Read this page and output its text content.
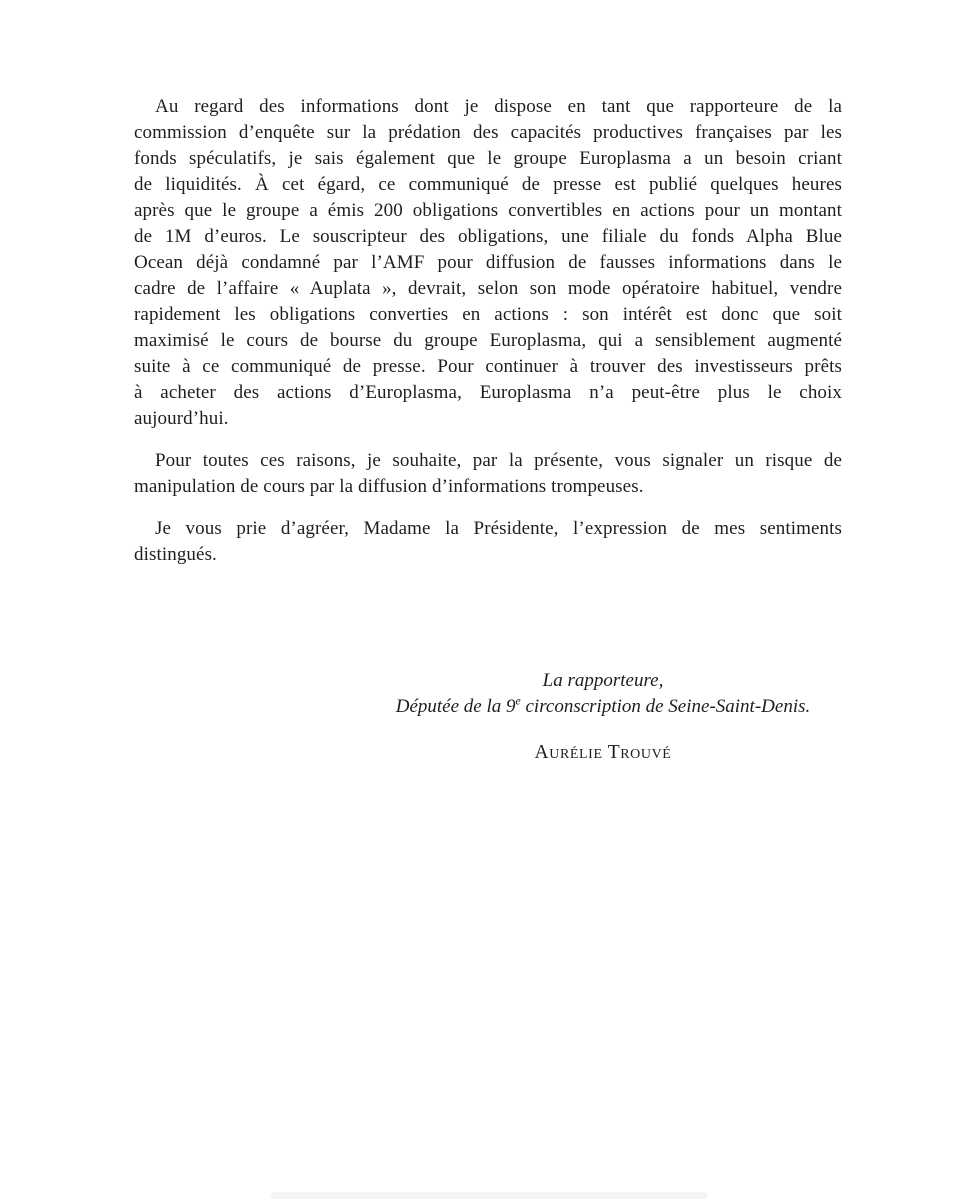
Au regard des informations dont je dispose en tant que rapporteure de la
commission d’enquête sur la prédation des capacités productives françaises par les
fonds spéculatifs, je sais également que le groupe Europlasma a un besoin criant
de liquidités. À cet égard, ce communiqué de presse est publié quelques heures
après que le groupe a émis 200 obligations convertibles en actions pour un montant
de 1M d’euros. Le souscripteur des obligations, une filiale du fonds Alpha Blue
Ocean déjà condamné par l’AMF pour diffusion de fausses informations dans le
cadre de l’affaire « Auplata », devrait, selon son mode opératoire habituel, vendre
rapidement les obligations converties en actions : son intérêt est donc que soit
maximisé le cours de bourse du groupe Europlasma, qui a sensiblement augmenté
suite à ce communiqué de presse. Pour continuer à trouver des investisseurs prêts
à acheter des actions d’Europlasma, Europlasma n’a peut-être plus le choix
aujourd’hui.
Pour toutes ces raisons, je souhaite, par la présente, vous signaler un risque de
manipulation de cours par la diffusion d’informations trompeuses.
Je vous prie d’agréer, Madame la Présidente, l’expression de mes sentiments
distingués.
La rapporteure,
Députée de la 9e circonscription de Seine-Saint-Denis.
Aurélie Trouvé
